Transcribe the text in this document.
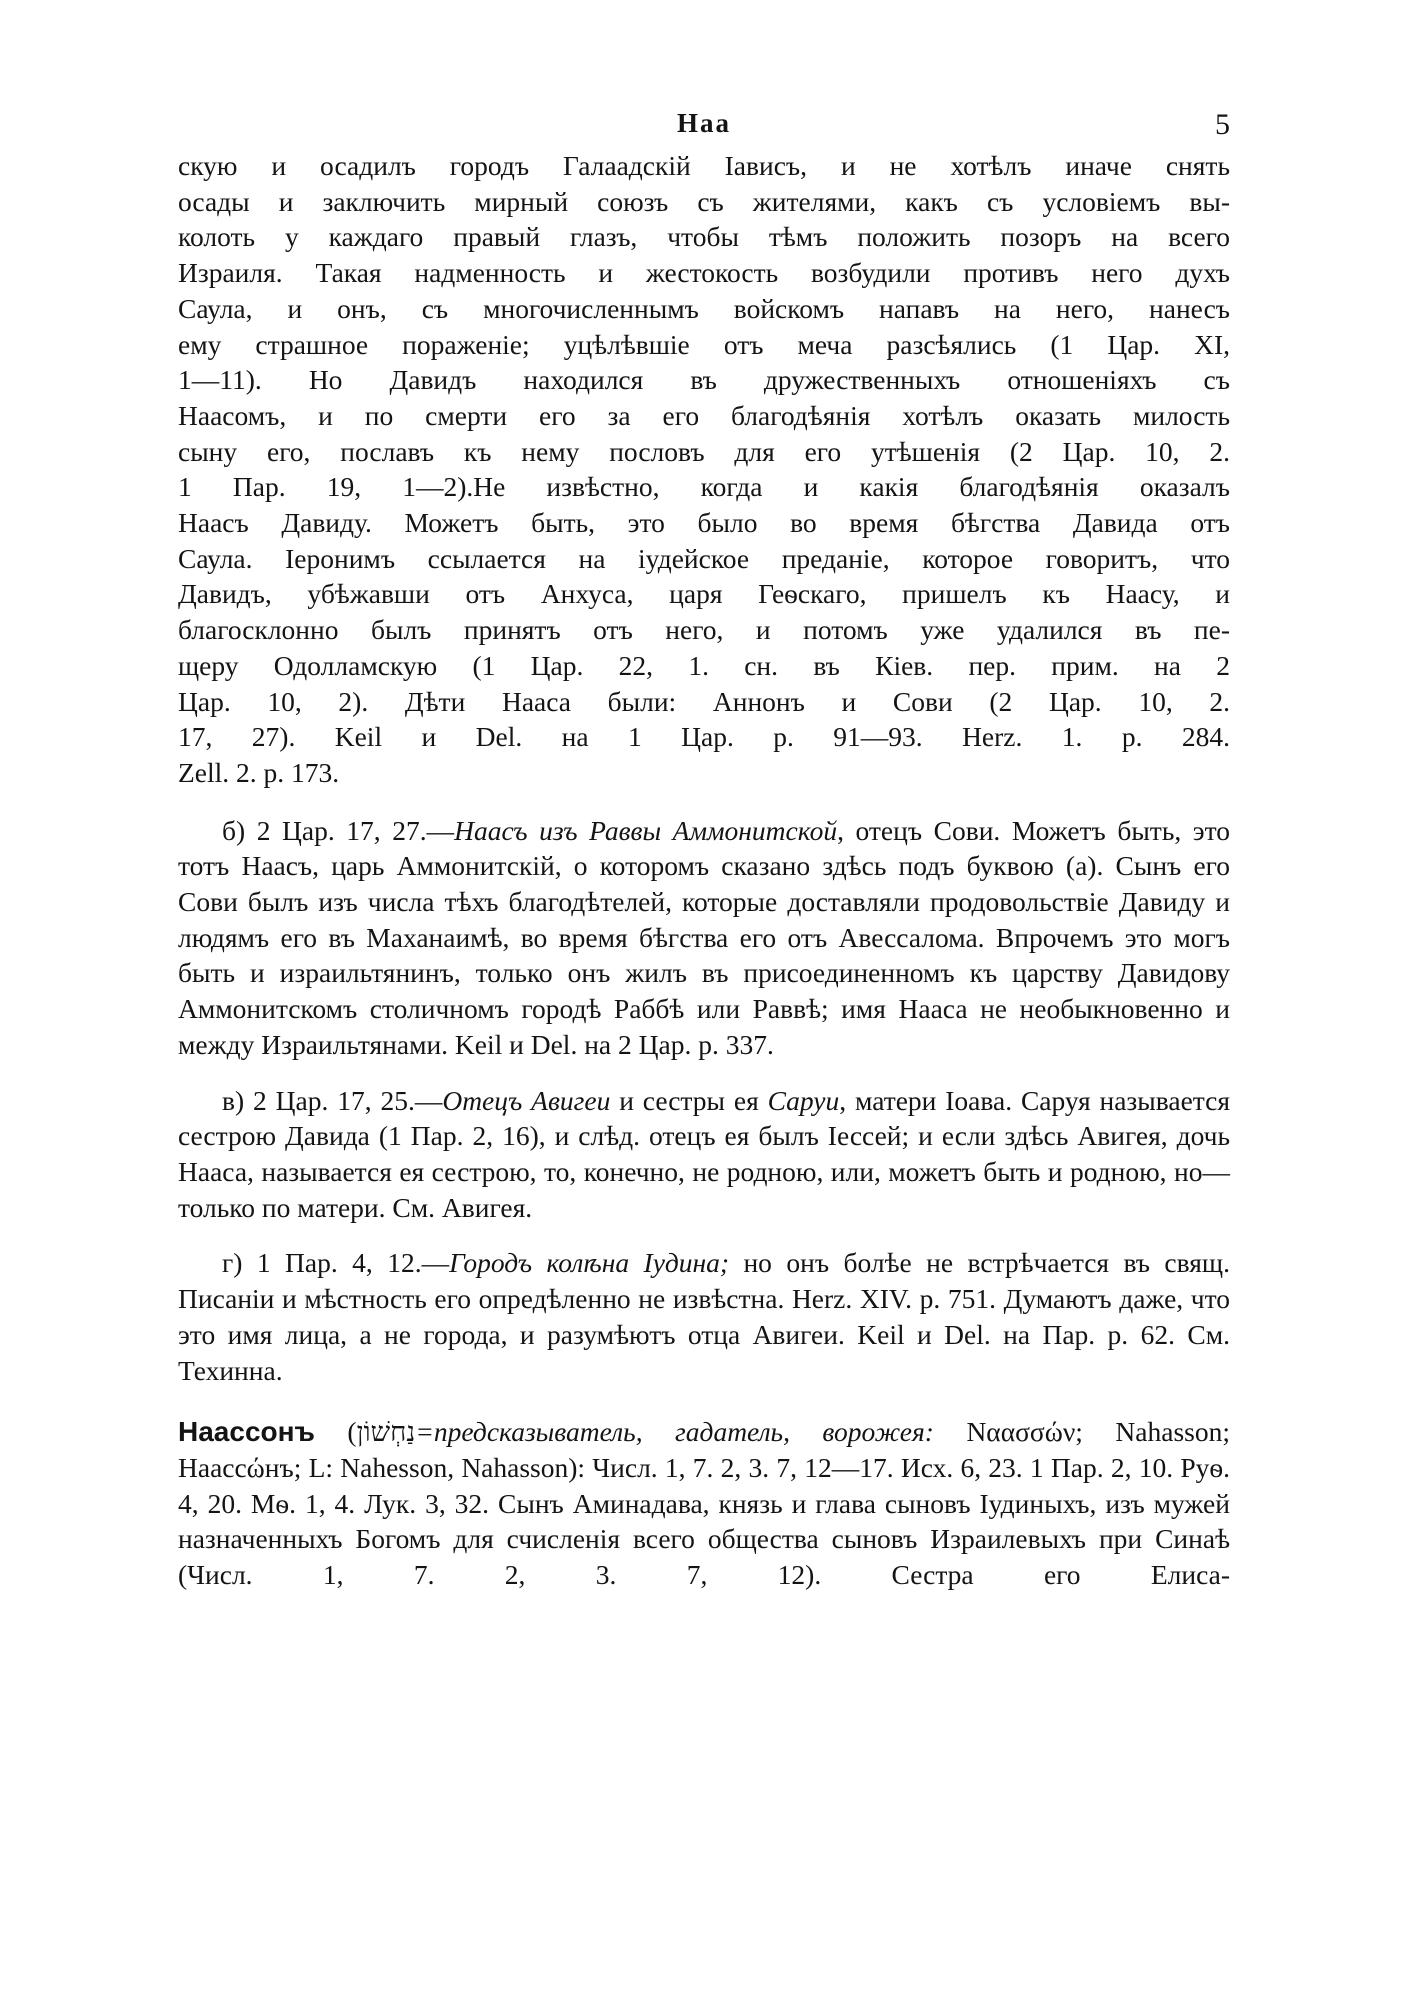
Наа	5
скую и осадилъ городъ Галаадскій Іависъ, и не хотѣлъ иначе снять
осады и заключить мирный союзъ съ жителями, какъ съ условіемъ вы-
колоть у каждаго правый глазъ, чтобы тѣмъ положить позоръ на всего
Израиля. Такая надменность и жестокость возбудили противъ него духъ
Саула, и онъ, съ многочисленнымъ войскомъ напавъ на него, нанесъ
ему страшное пораженіе; уцѣлѣвшіе отъ меча разсѣялись (1 Цар. XI,
1—11). Но Давидъ находился въ дружественныхъ отношеніяхъ съ
Наасомъ, и по смерти его за его благодѣянія хотѣлъ оказать милость
сыну его, пославъ къ нему пословъ для его утѣшенія (2 Цар. 10, 2.
1 Пар. 19, 1—2).Не извѣстно, когда и какія благодѣянія оказалъ
Наасъ Давиду. Можетъ быть, это было во время бѣгства Давида отъ
Саула. Іеронимъ ссылается на іудейское преданіе, которое говоритъ, что
Давидъ, убѣжавши отъ Анхуса, царя Геѳскаго, пришелъ къ Наасу, и
благосклонно былъ принятъ отъ него, и потомъ уже удалился въ пе-
щеру Одолламскую (1 Цар. 22, 1. сн. въ Кіев. пер. прим. на 2
Цар. 10, 2). Дѣти Нааса были: Аннонъ и Сови (2 Цар. 10, 2.
17, 27). Keil и Del. на 1 Цар. p. 91—93. Herz. 1. p. 284.
Zell. 2. p. 173.

б) 2 Цар. 17, 27.—Наасъ изъ Раввы Аммонитской, отецъ Сови. Можетъ быть, это тотъ Наасъ, царь Аммонитскій, о которомъ сказано здѣсь подъ буквою (а). Сынъ его Сови былъ изъ числа тѣхъ благодѣтелей, которые доставляли продовольствіе Давиду и людямъ его въ Маханаимѣ, во время бѣгства его отъ Авессалома. Впрочемъ это могъ быть и израильтянинъ, только онъ жилъ въ присоединенномъ къ царству Давидову Аммонитскомъ столичномъ городѣ Раббѣ или Раввѣ; имя Нааса не необыкновенно и между Израильтянами. Keil и Del. на 2 Цар. p. 337.

в) 2 Цар. 17, 25.—Отецъ Авигеи и сестры ея Саруи, матери Іоава. Саруя называется сестрою Давида (1 Пар. 2, 16), и слѣд. отецъ ея былъ Іессей; и если здѣсь Авигея, дочь Нааса, называется ея сестрою, то, конечно, не родною, или, можетъ быть и родною, но— только по матери. См. Авигея.

г) 1 Пар. 4, 12.—Городъ колѣна Іудина; но онъ болѣе не встрѣчается въ свящ. Писаніи и мѣстность его опредѣленно не извѣстна. Herz. XIV. p. 751. Думаютъ даже, что это имя лица, а не города, и разумѣютъ отца Авигеи. Keil и Del. на Пар. p. 62. См. Техинна.

Наассонъ (נַחְשׁוֹן=предсказыватель, гадатель, ворожея: Ναασσών; Nahasson; Наассώнъ; L: Nahesson, Nahasson): Числ. 1, 7. 2, 3. 7, 12—17. Исх. 6, 23. 1 Пар. 2, 10. Руѳ. 4, 20. Мѳ. 1, 4. Лук. 3, 32. Сынъ Аминадава, князь и глава сыновъ Іудиныхъ, изъ мужей назначенныхъ Богомъ для счисленія всего общества сыновъ Израилевыхъ при Синаѣ (Числ. 1, 7. 2, 3. 7, 12). Сестра его Елиса-
